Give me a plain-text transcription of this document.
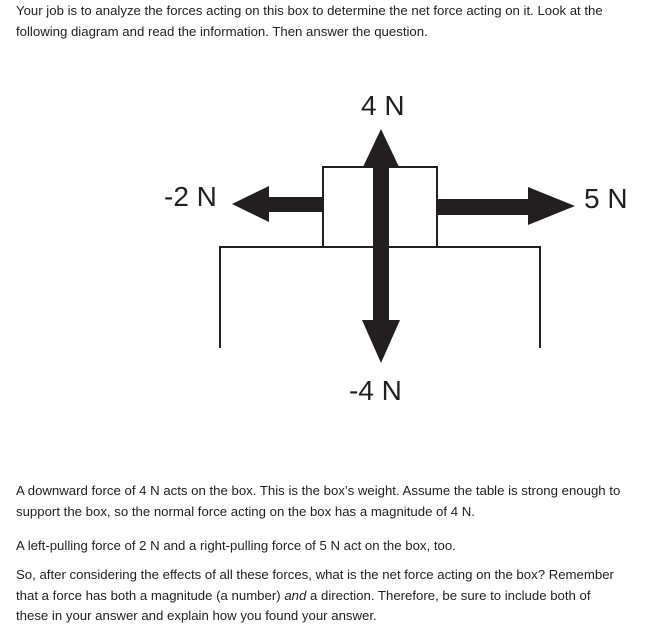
Your job is to analyze the forces acting on this box to determine the net force acting on it. Look at the
following diagram and read the information. Then answer the question.
4 N
-2 N	5 N
-4 N
A downward force of 4 N acts on the box. This is the box’s weight. Assume the table is strong enough to
support the box, so the normal force acting on the box has a magnitude of 4 N.
A left-pulling force of 2 N and a right-pulling force of 5 N act on the box, too.
So, after considering the effects of all these forces, what is the net force acting on the box? Remember
that a force has both a magnitude (a number) and a direction. Therefore, be sure to include both of
these in your answer and explain how you found your answer.
